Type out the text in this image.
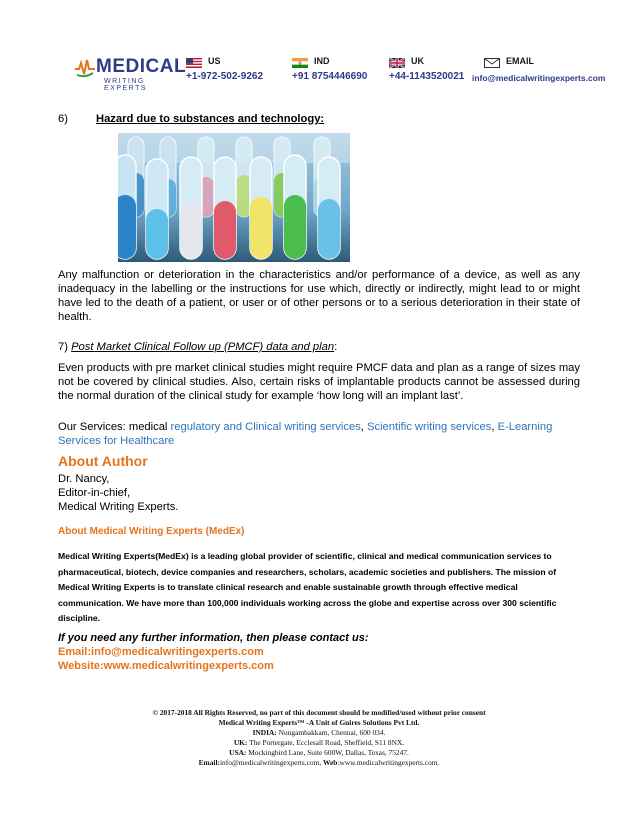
MEDICAL
WRITING EXPERTS
US
+1-972-502-9262
IND
+91 8754446690
UK
+44-1143520021
EMAIL
info@medicalwritingexperts.com
6)	Hazard due to substances and technology:
Any malfunction or deterioration in the characteristics and/or performance of a device, as well as any inadequacy in the labelling or the instructions for use which, directly or indirectly, might lead to or might have led to the death of a patient, or user or of other persons or to a serious deterioration in their state of health.
7) Post Market Clinical Follow up (PMCF) data and plan:
Even products with pre market clinical studies might require PMCF data and plan as a range of sizes may not be covered by clinical studies. Also, certain risks of implantable products cannot be assessed during the normal duration of the clinical study for example ‘how long will an implant last’.
Our Services: medical regulatory and Clinical writing services, Scientific writing services, E-Learning Services for Healthcare
About Author
Dr. Nancy,
Editor-in-chief,
Medical Writing Experts.
About Medical Writing Experts (MedEx)
Medical Writing Experts(MedEx) is a leading global provider of scientific, clinical and medical communication services to pharmaceutical, biotech, device companies and researchers, scholars, academic societies and publishers. The mission of Medical Writing Experts is to translate clinical research and enable sustainable growth through effective medical communication. We have more than 100,000 individuals working across the globe and expertise across over 300 scientific discipline.
If you need any further information, then please contact us:
Email:info@medicalwritingexperts.com
Website:www.medicalwritingexperts.com
© 2017-2018 All Rights Reserved, no part of this document should be modified/used without prior consent
Medical Writing Experts™ -A Unit of Guires Solutions Pvt Ltd.
INDIA: Nungambakkam, Chennai, 600 034.
UK: The Portergate, Ecclesall Road, Sheffield, S11 8NX.
USA: Mockingbird Lane, Suite 600W, Dallas, Texas, 75247.
Email:info@medicalwritingexperts.com, Web:www.medicalwritingexperts.com.
